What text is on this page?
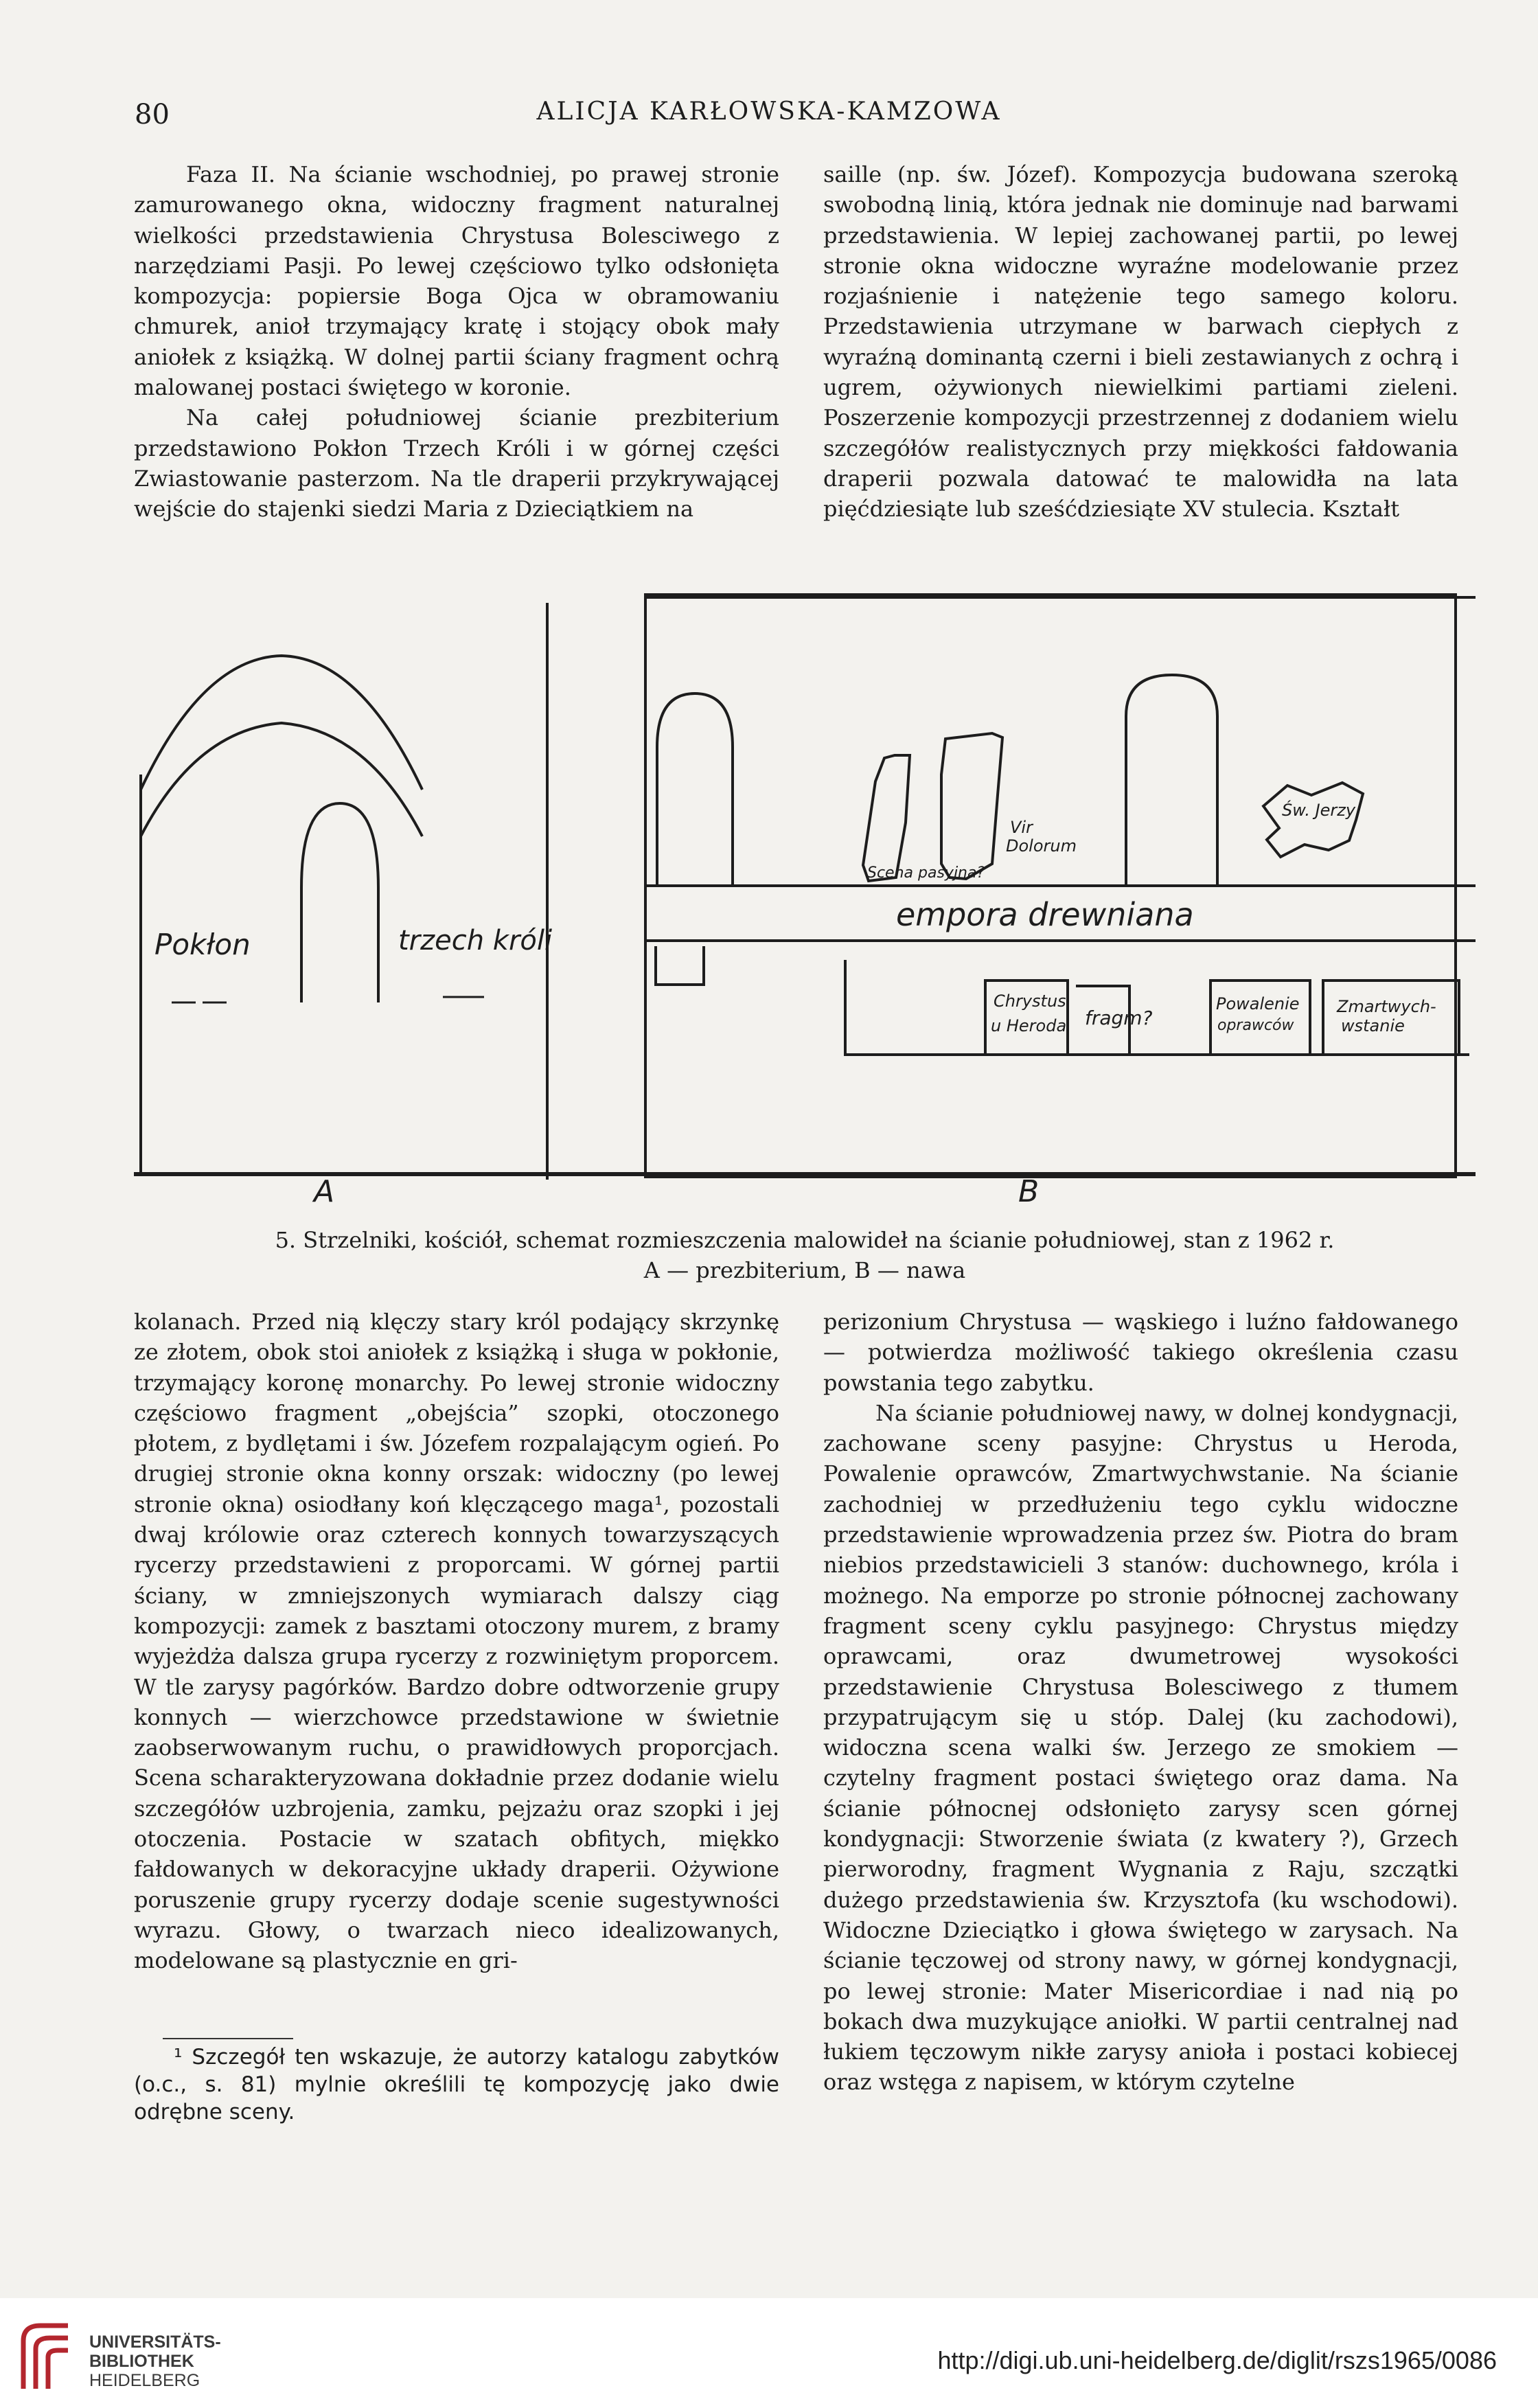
80	ALICJA KARŁOWSKA-KAMZOWA

Faza II. Na ścianie wschodniej, po prawej stronie zamurowanego okna, widoczny fragment naturalnej wielkości przedstawienia Chrystusa Bolesciwego z narzędziami Pasji. Po lewej częściowo tylko odsłonięta kompozycja: popiersie Boga Ojca w obramowaniu chmurek, anioł trzymający kratę i stojący obok mały aniołek z książką. W dolnej partii ściany fragment ochrą malowanej postaci świętego w koronie.

Na całej południowej ścianie prezbiterium przedstawiono Pokłon Trzech Króli i w górnej części Zwiastowanie pasterzom. Na tle draperii przykrywającej wejście do stajenki siedzi Maria z Dzieciątkiem na

saille (np. św. Józef). Kompozycja budowana szeroką swobodną linią, która jednak nie dominuje nad barwami przedstawienia. W lepiej zachowanej partii, po lewej stronie okna widoczne wyraźne modelowanie przez rozjaśnienie i natężenie tego samego koloru. Przedstawienia utrzymane w barwach ciepłych z wyraźną dominantą czerni i bieli zestawianych z ochrą i ugrem, ożywionych niewielkimi partiami zieleni. Poszerzenie kompozycji przestrzennej z dodaniem wielu szczegółów realistycznych przy miękkości fałdowania draperii pozwala datować te malowidła na lata pięćdziesiąte lub sześćdziesiąte XV stulecia. Kształt

Pokłon	trzech króli
Scena pasyjna?
Vir
Dolorum
Św. Jerzy
empora drewniana
Chrystus
u Heroda fragm?
Powalenie
oprawców
Zmartwych-
wstanie
A	B
5. Strzelniki, kościół, schemat rozmieszczenia malowideł na ścianie południowej, stan z 1962 r.
A — prezbiterium, B — nawa

kolanach. Przed nią klęczy stary król podający skrzynkę ze złotem, obok stoi aniołek z książką i sługa w pokłonie, trzymający koronę monarchy. Po lewej stronie widoczny częściowo fragment „obejścia” szopki, otoczonego płotem, z bydlętami i św. Józefem rozpalającym ogień. Po drugiej stronie okna konny orszak: widoczny (po lewej stronie okna) osiodłany koń klęczącego maga¹, pozostali dwaj królowie oraz czterech konnych towarzyszących rycerzy przedstawieni z proporcami. W górnej partii ściany, w zmniejszonych wymiarach dalszy ciąg kompozycji: zamek z basztami otoczony murem, z bramy wyjeżdża dalsza grupa rycerzy z rozwiniętym proporcem. W tle zarysy pagórków. Bardzo dobre odtworzenie grupy konnych — wierzchowce przedstawione w świetnie zaobserwowanym ruchu, o prawidłowych proporcjach. Scena scharakteryzowana dokładnie przez dodanie wielu szczegółów uzbrojenia, zamku, pejzażu oraz szopki i jej otoczenia. Postacie w szatach obfitych, miękko fałdowanych w dekoracyjne układy draperii. Ożywione poruszenie grupy rycerzy dodaje scenie sugestywności wyrazu. Głowy, o twarzach nieco idealizowanych, modelowane są plastycznie en gri-

perizonium Chrystusa — wąskiego i luźno fałdowanego — potwierdza możliwość takiego określenia czasu powstania tego zabytku.

Na ścianie południowej nawy, w dolnej kondygnacji, zachowane sceny pasyjne: Chrystus u Heroda, Powalenie oprawców, Zmartwychwstanie. Na ścianie zachodniej w przedłużeniu tego cyklu widoczne przedstawienie wprowadzenia przez św. Piotra do bram niebios przedstawicieli 3 stanów: duchownego, króla i możnego. Na emporze po stronie północnej zachowany fragment sceny cyklu pasyjnego: Chrystus między oprawcami, oraz dwumetrowej wysokości przedstawienie Chrystusa Bolesciwego z tłumem przypatrującym się u stóp. Dalej (ku zachodowi), widoczna scena walki św. Jerzego ze smokiem — czytelny fragment postaci świętego oraz dama. Na ścianie północnej odsłonięto zarysy scen górnej kondygnacji: Stworzenie świata (z kwatery ?), Grzech pierworodny, fragment Wygnania z Raju, szczątki dużego przedstawienia św. Krzysztofa (ku wschodowi). Widoczne Dzieciątko i głowa świętego w zarysach. Na ścianie tęczowej od strony nawy, w górnej kondygnacji, po lewej stronie: Mater Misericordiae i nad nią po bokach dwa muzykujące aniołki. W partii centralnej nad łukiem tęczowym nikłe zarysy anioła i postaci kobiecej oraz wstęga z napisem, w którym czytelne

¹ Szczegół ten wskazuje, że autorzy katalogu zabytków (o.c., s. 81) mylnie określili tę kompozycję jako dwie odrębne sceny.
UNIVERSITÄTS-
BIBLIOTHEK
HEIDELBERG
http://digi.ub.uni-heidelberg.de/diglit/rszs1965/0086
